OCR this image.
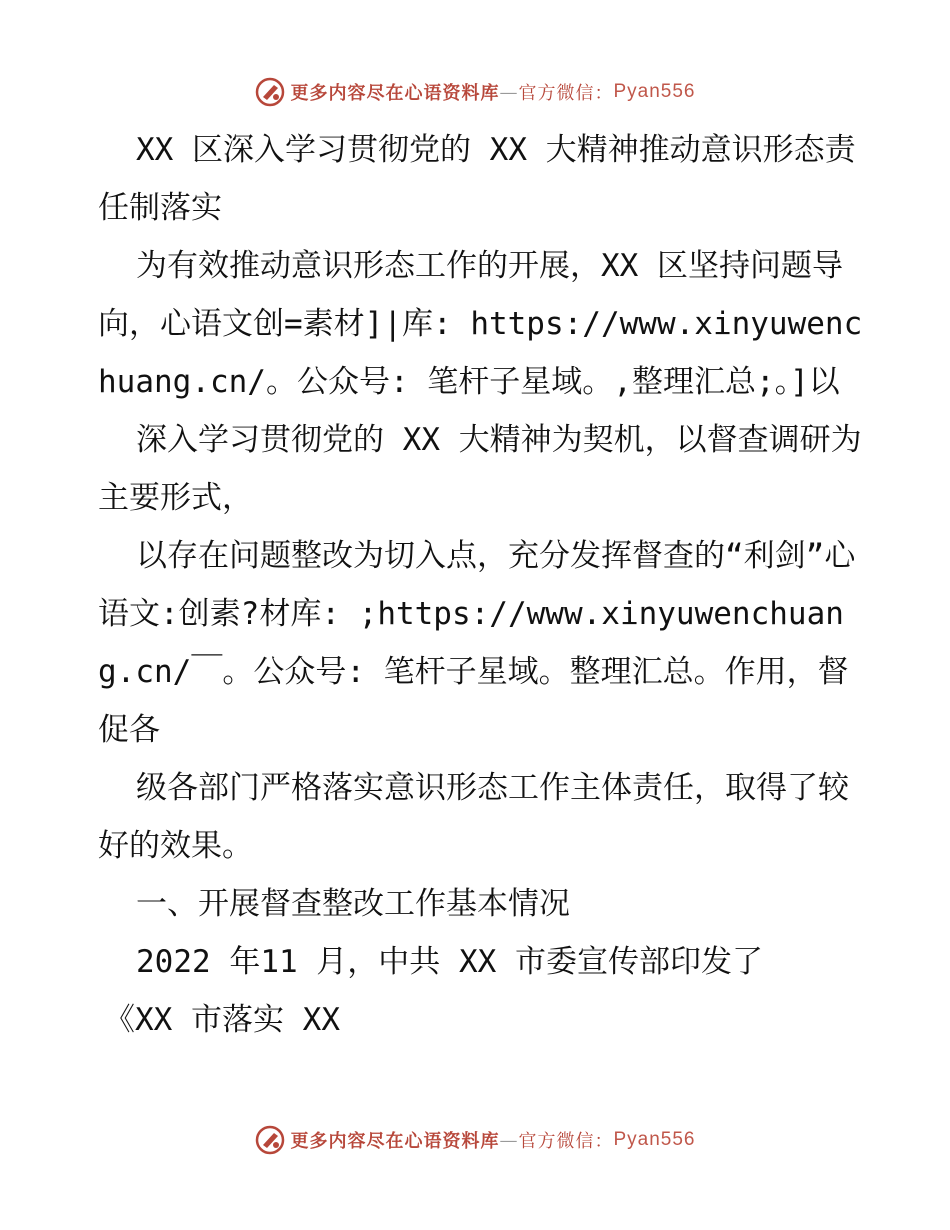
更多内容尽在心语资料库 — 官方微信： Pyan556

XX 区深入学习贯彻党的 XX 大精神推动意识形态责任制落实

为有效推动意识形态工作的开展，XX 区坚持问题导向，心语文创=素材]|库: https://www.xinyuwenchuang.cn/。公众号: 笔杆子星域。,整理汇总;。]以

深入学习贯彻党的 XX 大精神为契机，以督查调研为主要形式，

以存在问题整改为切入点，充分发挥督查的“利剑”心语文:创素?材库: ;https://www.xinyuwenchuang.cn/￣。公众号: 笔杆子星域。整理汇总。作用，督促各

级各部门严格落实意识形态工作主体责任，取得了较好的效果。

一、开展督查整改工作基本情况

2022 年11 月，中共 XX 市委宣传部印发了

《XX 市落实 XX

更多内容尽在心语资料库 — 官方微信： Pyan556
